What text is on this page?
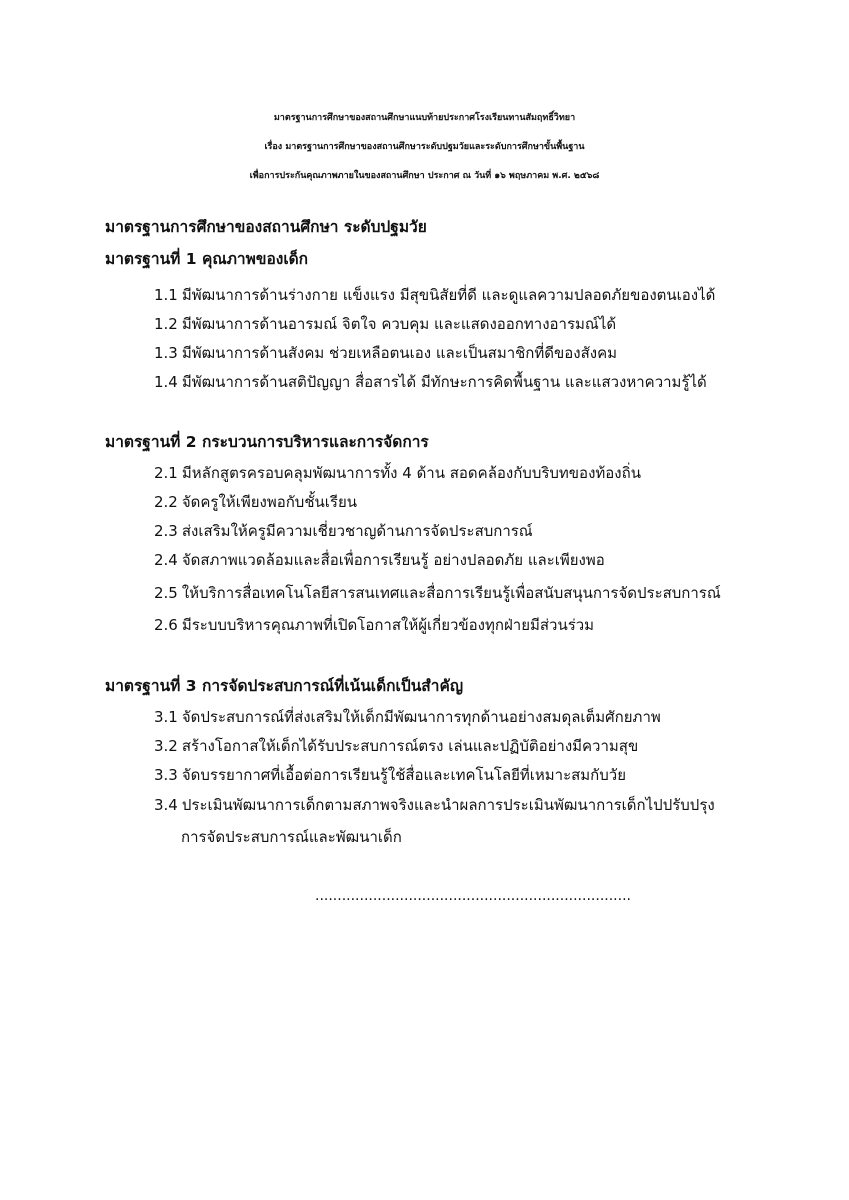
มาตรฐานการศึกษาของสถานศึกษาแนบท้ายประกาศโรงเรียนทานสัมฤทธิ์วิทยา
เรื่อง มาตรฐานการศึกษาของสถานศึกษาระดับปฐมวัยและระดับการศึกษาขั้นพื้นฐาน
เพื่อการประกันคุณภาพภายในของสถานศึกษา ประกาศ ณ วันที่ ๑๖ พฤษภาคม พ.ศ. ๒๕๖๘
มาตรฐานการศึกษาของสถานศึกษา ระดับปฐมวัย
มาตรฐานที่ 1 คุณภาพของเด็ก
1.1 มีพัฒนาการด้านร่างกาย แข็งแรง มีสุขนิสัยที่ดี และดูแลความปลอดภัยของตนเองได้
1.2 มีพัฒนาการด้านอารมณ์ จิตใจ ควบคุม และแสดงออกทางอารมณ์ได้
1.3 มีพัฒนาการด้านสังคม ช่วยเหลือตนเอง และเป็นสมาชิกที่ดีของสังคม
1.4 มีพัฒนาการด้านสติปัญญา สื่อสารได้ มีทักษะการคิดพื้นฐาน และแสวงหาความรู้ได้
มาตรฐานที่ 2 กระบวนการบริหารและการจัดการ
2.1 มีหลักสูตรครอบคลุมพัฒนาการทั้ง 4 ด้าน สอดคล้องกับบริบทของท้องถิ่น
2.2 จัดครูให้เพียงพอกับชั้นเรียน
2.3 ส่งเสริมให้ครูมีความเชี่ยวชาญด้านการจัดประสบการณ์
2.4 จัดสภาพแวดล้อมและสื่อเพื่อการเรียนรู้ อย่างปลอดภัย และเพียงพอ
2.5 ให้บริการสื่อเทคโนโลยีสารสนเทศและสื่อการเรียนรู้เพื่อสนับสนุนการจัดประสบการณ์
2.6 มีระบบบริหารคุณภาพที่เปิดโอกาสให้ผู้เกี่ยวข้องทุกฝ่ายมีส่วนร่วม
มาตรฐานที่ 3 การจัดประสบการณ์ที่เน้นเด็กเป็นสำคัญ
3.1 จัดประสบการณ์ที่ส่งเสริมให้เด็กมีพัฒนาการทุกด้านอย่างสมดุลเต็มศักยภาพ
3.2 สร้างโอกาสให้เด็กได้รับประสบการณ์ตรง เล่นและปฏิบัติอย่างมีความสุข
3.3 จัดบรรยากาศที่เอื้อต่อการเรียนรู้ใช้สื่อและเทคโนโลยีที่เหมาะสมกับวัย
3.4 ประเมินพัฒนาการเด็กตามสภาพจริงและนำผลการประเมินพัฒนาการเด็กไปปรับปรุง
การจัดประสบการณ์และพัฒนาเด็ก
.......................................................................
